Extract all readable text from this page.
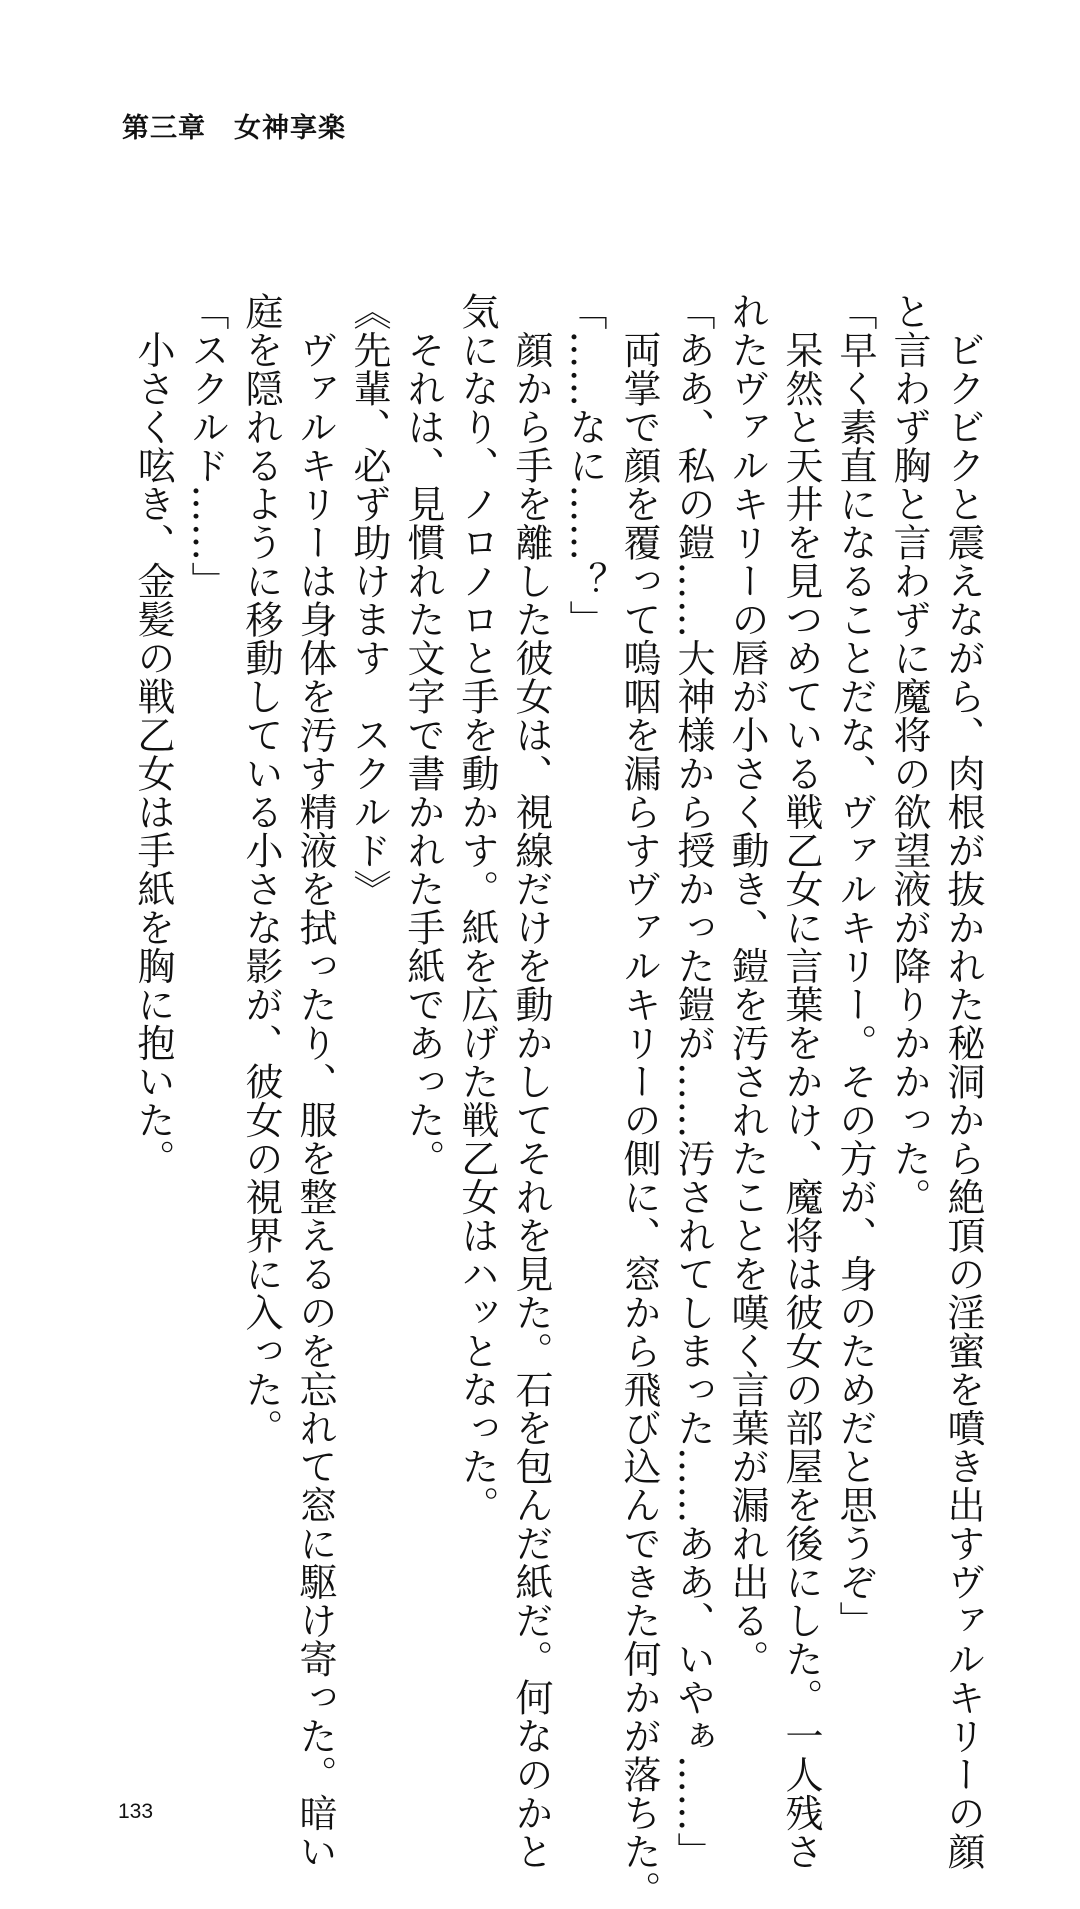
第三章　女神享楽
　ビクビクと震えながら、肉根が抜かれた秘洞から絶頂の淫蜜を噴き出すヴァルキリーの顔
と言わず胸と言わずに魔将の欲望液が降りかかった。
「早く素直になることだな、ヴァルキリー。その方が、身のためだと思うぞ」
　呆然と天井を見つめている戦乙女に言葉をかけ、魔将は彼女の部屋を後にした。一人残さ
れたヴァルキリーの唇が小さく動き、鎧を汚されたことを嘆く言葉が漏れ出る。
「ああ、私の鎧……大神様から授かった鎧が……汚されてしまった……ああ、いやぁ……」
　両掌で顔を覆って嗚咽を漏らすヴァルキリーの側に、窓から飛び込んできた何かが落ちた。
「……なに……？」
　顔から手を離した彼女は、視線だけを動かしてそれを見た。石を包んだ紙だ。何なのかと
気になり、ノロノロと手を動かす。紙を広げた戦乙女はハッとなった。
　それは、見慣れた文字で書かれた手紙であった。
《先輩、必ず助けます　スクルド》
　ヴァルキリーは身体を汚す精液を拭ったり、服を整えるのを忘れて窓に駆け寄った。暗い
庭を隠れるように移動している小さな影が、彼女の視界に入った。
「スクルド……」
　小さく呟き、金髪の戦乙女は手紙を胸に抱いた。
133
